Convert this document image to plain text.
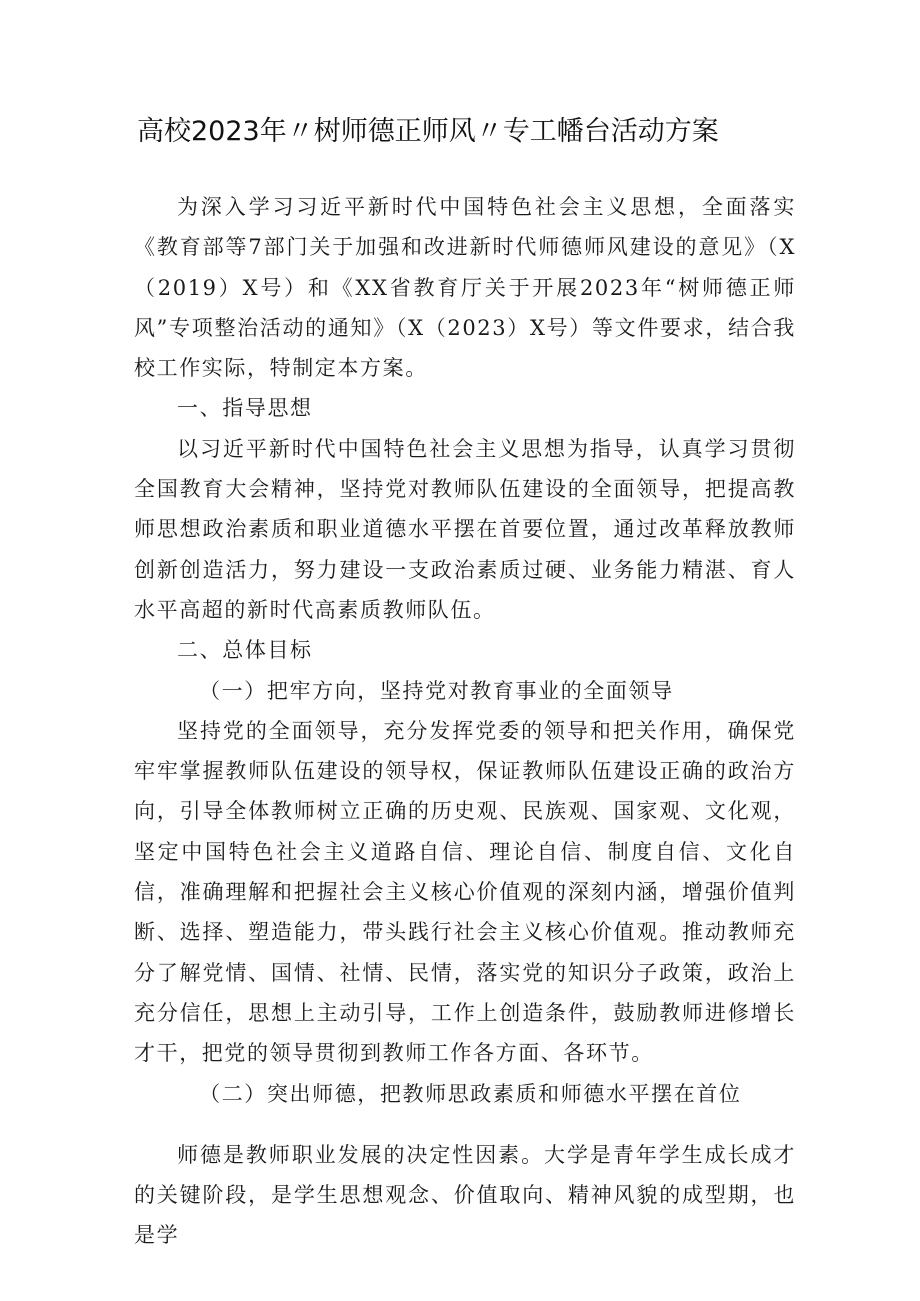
高校2023年〃树师德正师风〃专工幡台活动方案

为深入学习习近平新时代中国特色社会主义思想，全面落实《教育部等7部门关于加强和改进新时代师德师风建设的意见》（X（2019）X号）和《XX省教育厅关于开展2023年“树师德正师风”专项整治活动的通知》（X（2023）X号）等文件要求，结合我校工作实际，特制定本方案。

一、指导思想

以习近平新时代中国特色社会主义思想为指导，认真学习贯彻全国教育大会精神，坚持党对教师队伍建设的全面领导，把提高教师思想政治素质和职业道德水平摆在首要位置，通过改革释放教师创新创造活力，努力建设一支政治素质过硬、业务能力精湛、育人水平高超的新时代高素质教师队伍。

二、总体目标

（一）把牢方向，坚持党对教育事业的全面领导

坚持党的全面领导，充分发挥党委的领导和把关作用，确保党牢牢掌握教师队伍建设的领导权，保证教师队伍建设正确的政治方向，引导全体教师树立正确的历史观、民族观、国家观、文化观，坚定中国特色社会主义道路自信、理论自信、制度自信、文化自信，准确理解和把握社会主义核心价值观的深刻内涵，增强价值判断、选择、塑造能力，带头践行社会主义核心价值观。推动教师充分了解党情、国情、社情、民情，落实党的知识分子政策，政治上充分信任，思想上主动引导，工作上创造条件，鼓励教师进修增长才干，把党的领导贯彻到教师工作各方面、各环节。

（二）突出师德，把教师思政素质和师德水平摆在首位

师德是教师职业发展的决定性因素。大学是青年学生成长成才的关键阶段，是学生思想观念、价值取向、精神风貌的成型期，也是学
